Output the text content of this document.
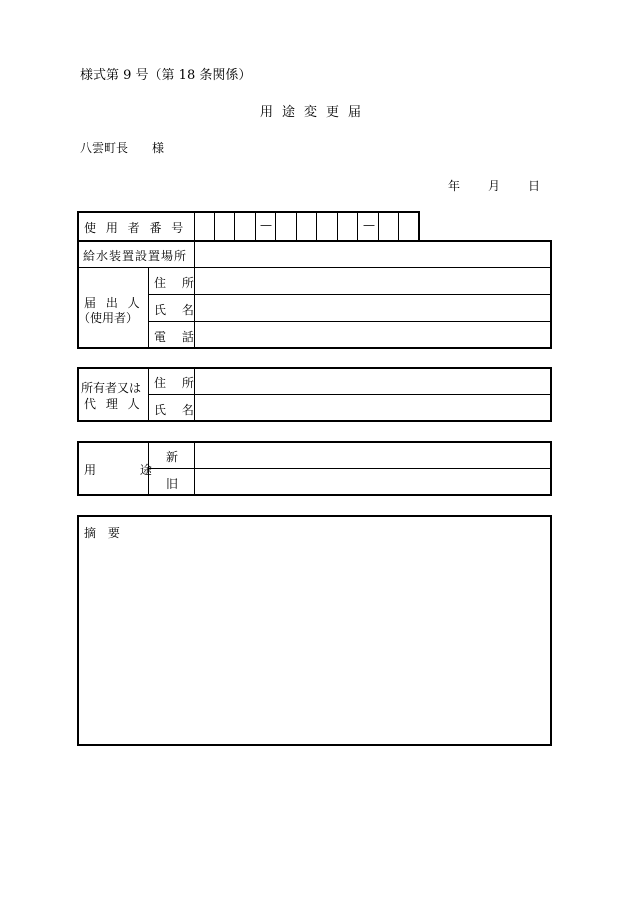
様式第 9 号（第 18 条関係）
用途変更届
八雲町長 様
年 月 日
使 用 者 番 号	—	—
給水装置設置場所
届 出 人
（使用者）
住 所
氏 名
電 話
所有者又は
代 理 人
住 所
氏 名
用 途
新
旧
摘 要
